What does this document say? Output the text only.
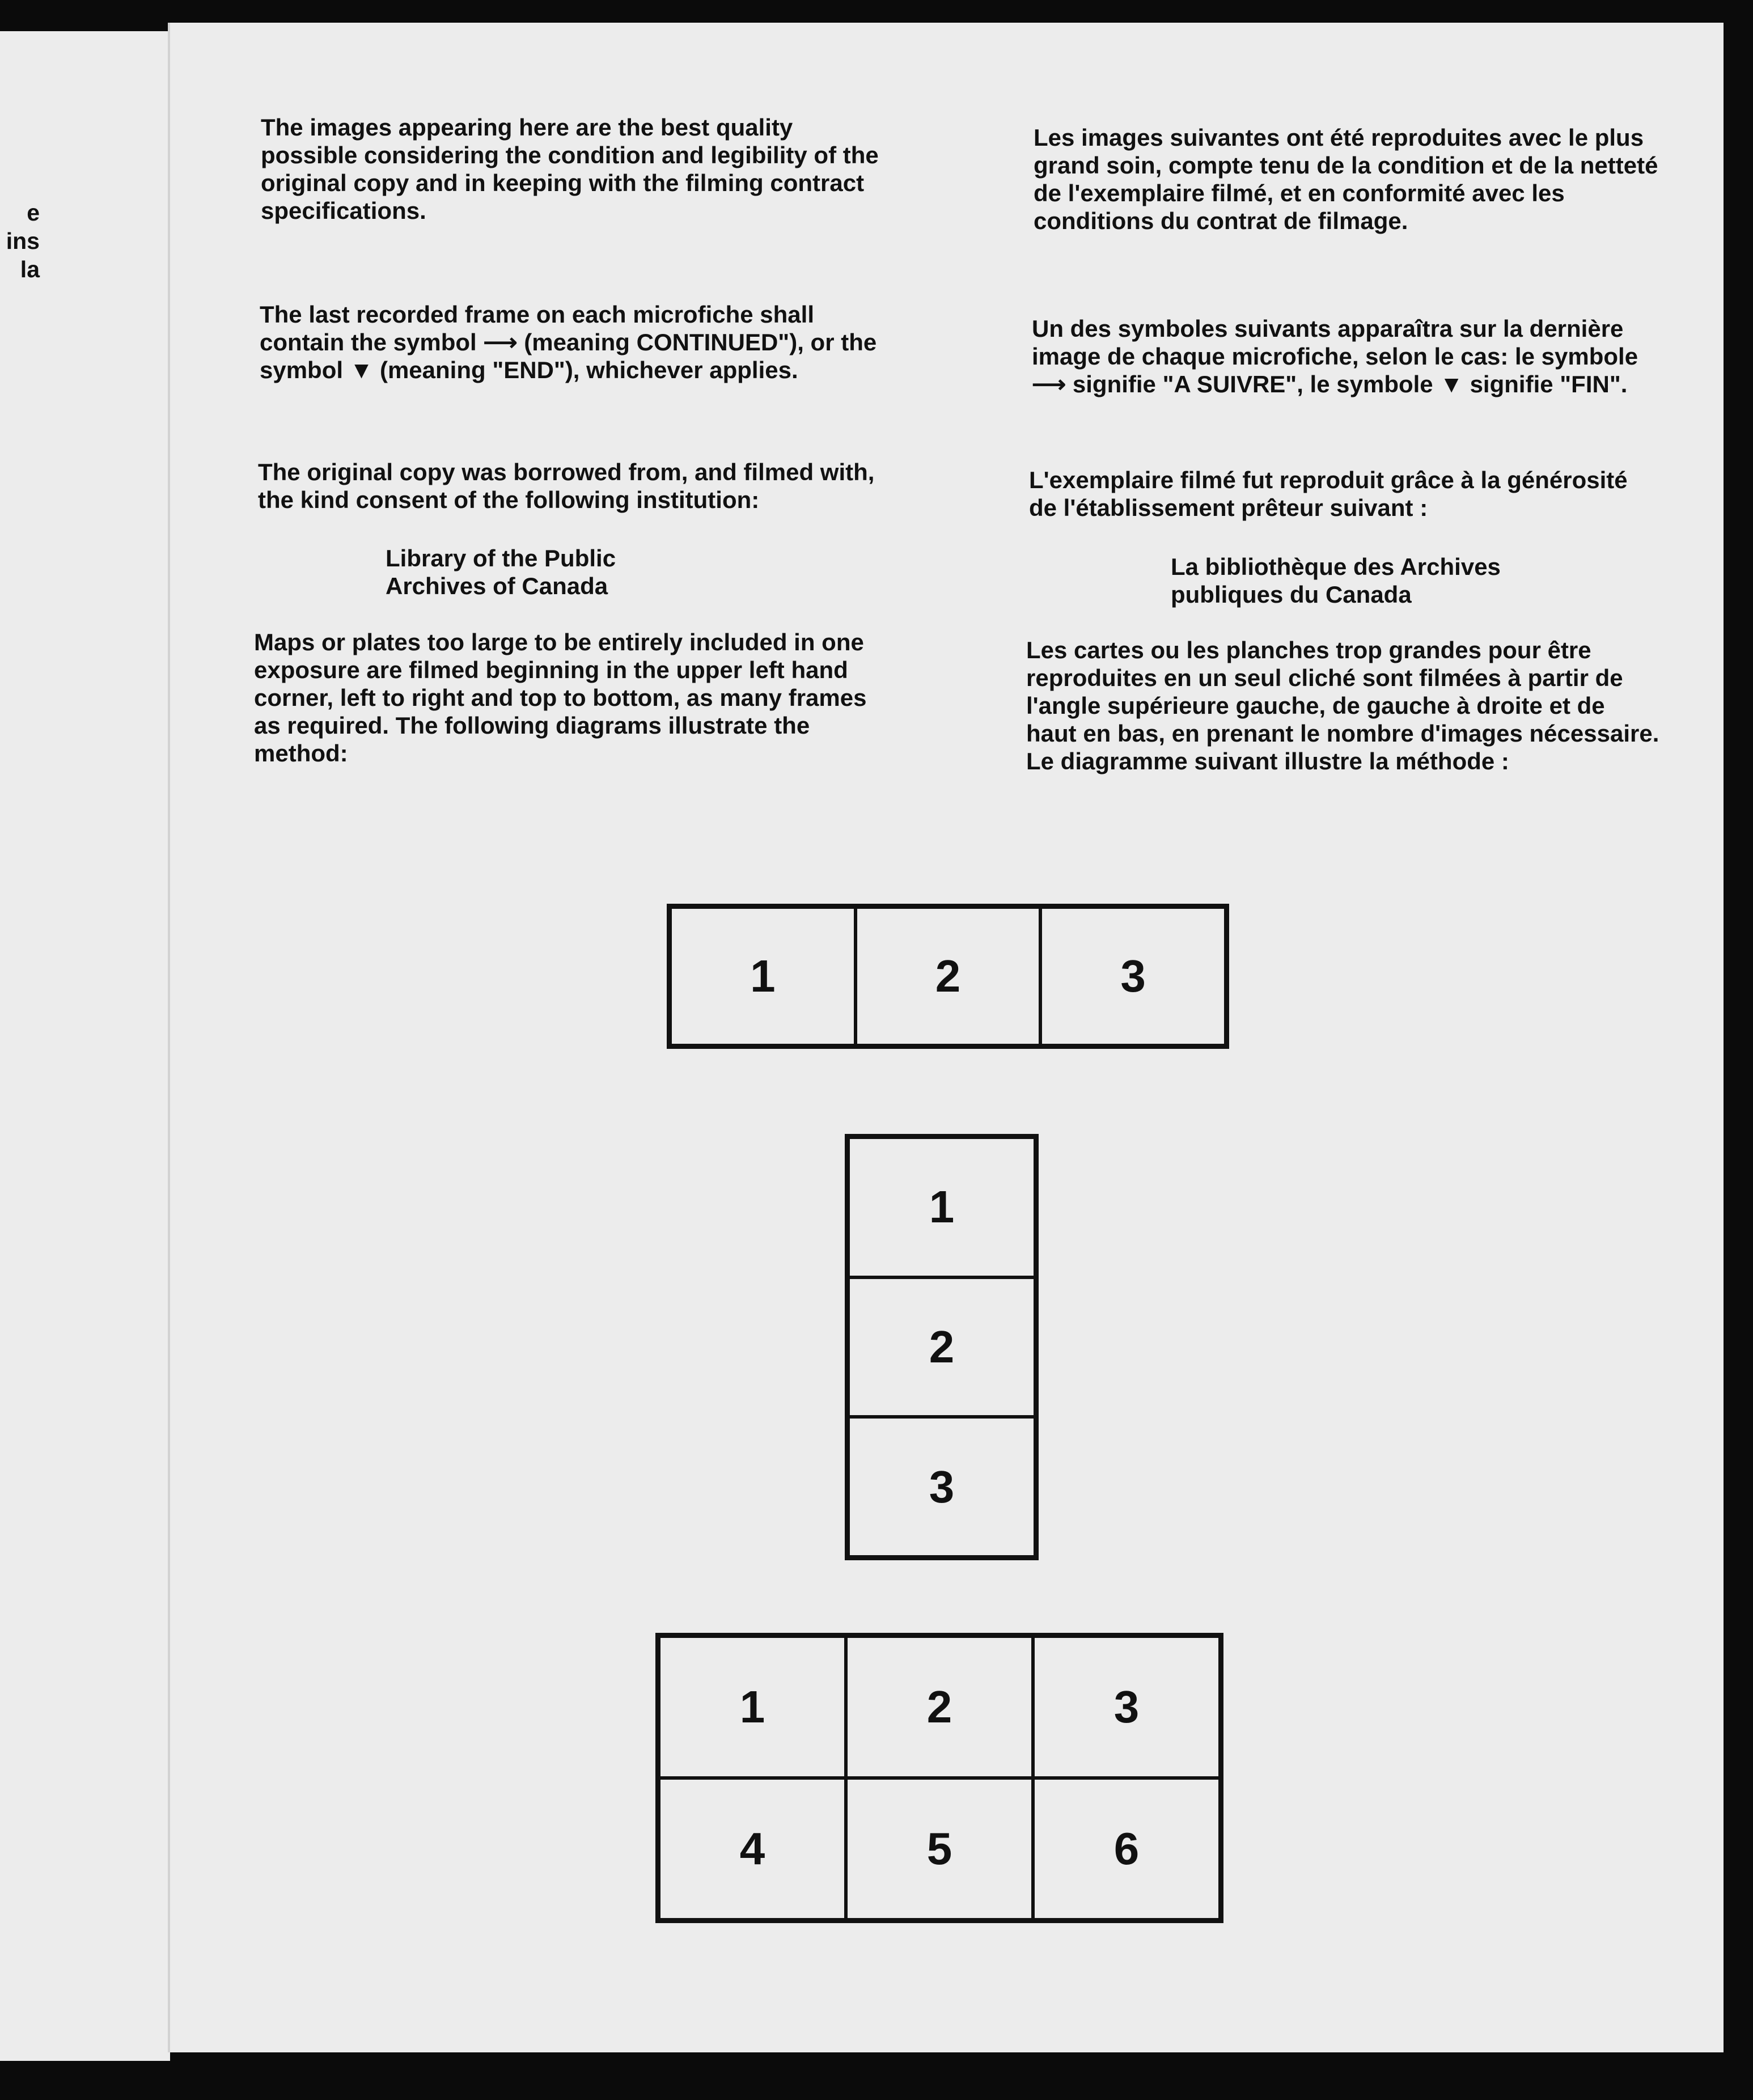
e
ins
la

The images appearing here are the best quality possible considering the condition and legibility of the original copy and in keeping with the filming contract specifications.

The last recorded frame on each microfiche shall contain the symbol ⟶ (meaning CONTINUED"), or the symbol ▼ (meaning "END"), whichever applies.

The original copy was borrowed from, and filmed with, the kind consent of the following institution:

Library of the Public
Archives of Canada

Maps or plates too large to be entirely included in one exposure are filmed beginning in the upper left hand corner, left to right and top to bottom, as many frames as required. The following diagrams illustrate the method:

Les images suivantes ont été reproduites avec le plus grand soin, compte tenu de la condition et de la netteté de l'exemplaire filmé, et en conformité avec les conditions du contrat de filmage.

Un des symboles suivants apparaîtra sur la dernière image de chaque microfiche, selon le cas: le symbole ⟶ signifie "A SUIVRE", le symbole ▼ signifie "FIN".

L'exemplaire filmé fut reproduit grâce à la générosité de l'établissement prêteur suivant :

La bibliothèque des Archives
publiques du Canada

Les cartes ou les planches trop grandes pour être reproduites en un seul cliché sont filmées à partir de l'angle supérieure gauche, de gauche à droite et de haut en bas, en prenant le nombre d'images nécessaire. Le diagramme suivant illustre la méthode :

1	2	3
1
2
3
1	2	3
4	5	6
